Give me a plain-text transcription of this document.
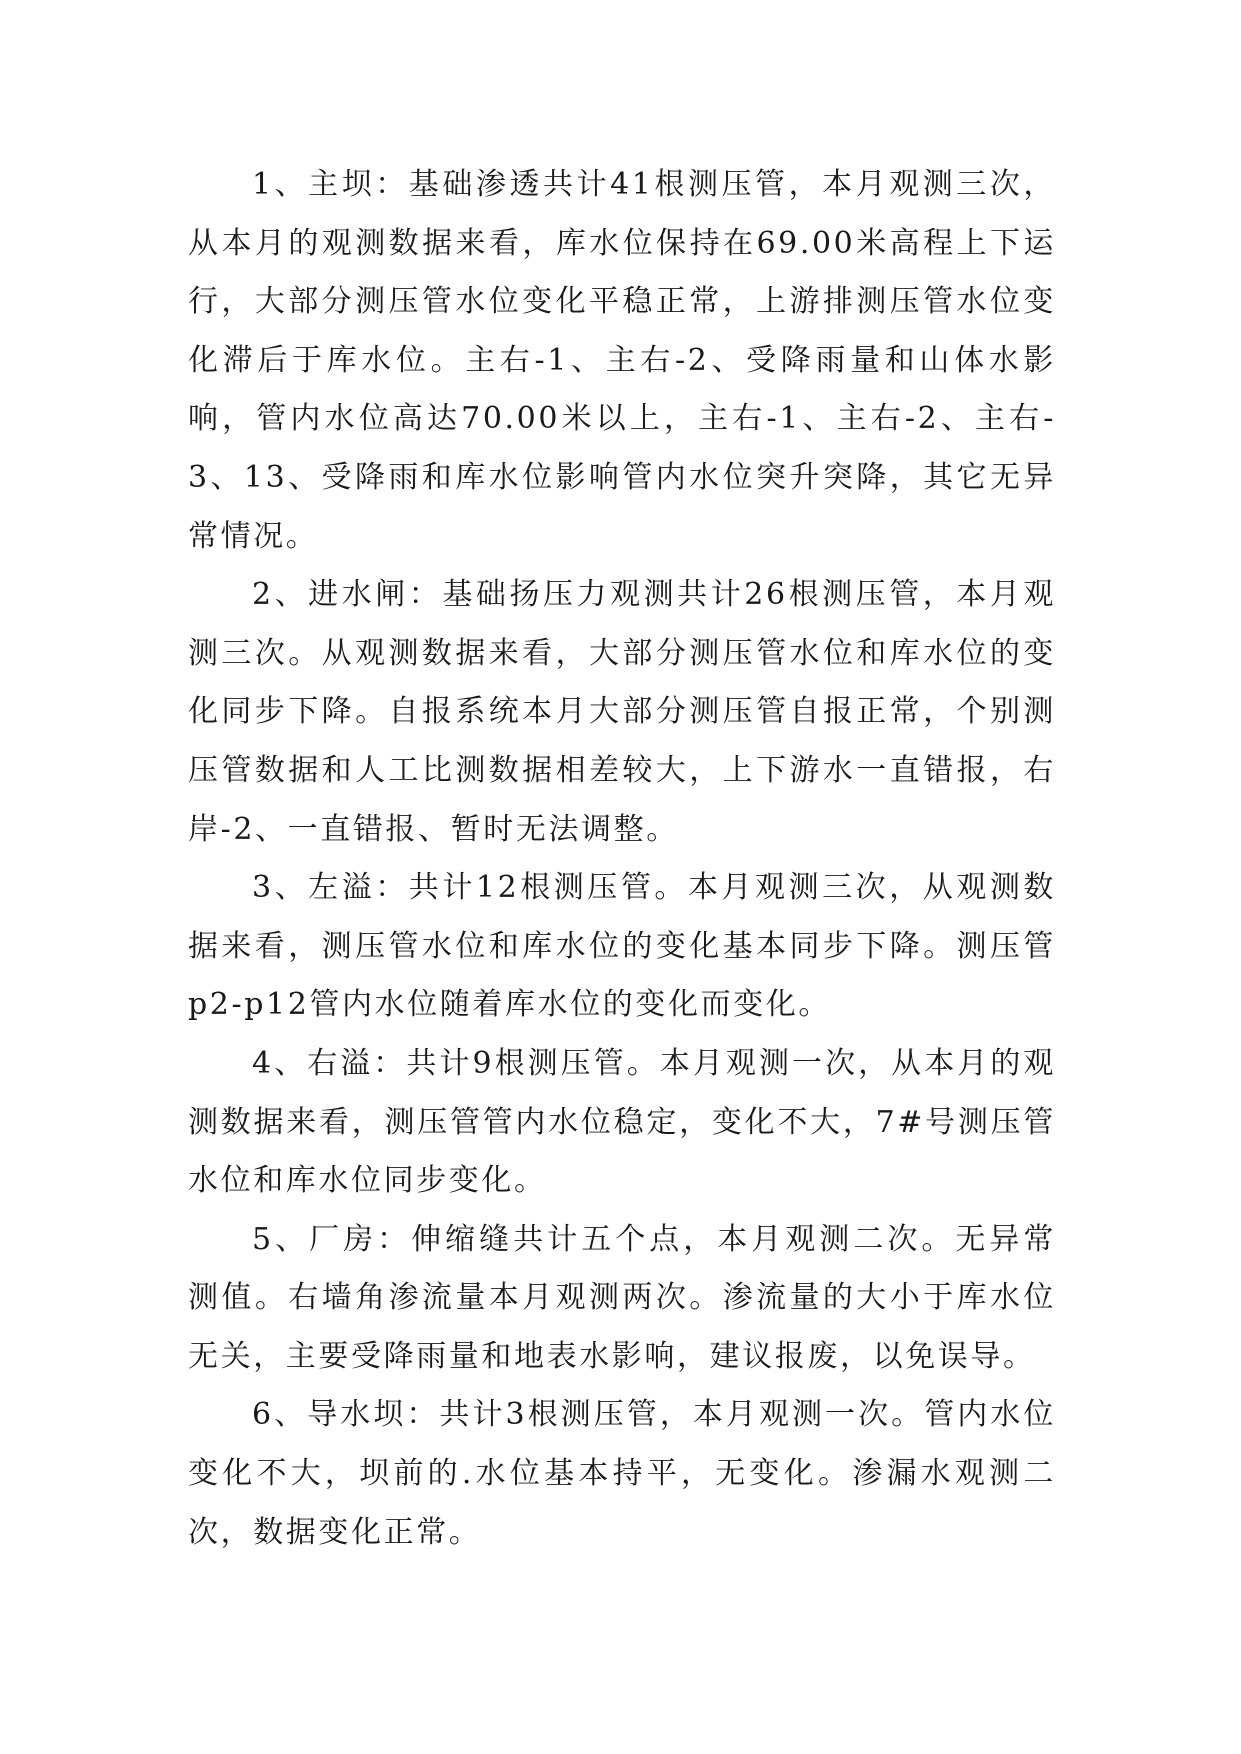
1、主坝：基础渗透共计41根测压管，本月观测三次，从本月的观测数据来看，库水位保持在69.00米高程上下运行，大部分测压管水位变化平稳正常，上游排测压管水位变化滞后于库水位。主右-1、主右-2、受降雨量和山体水影响，管内水位高达70.00米以上，主右-1、主右-2、主右-3、13、受降雨和库水位影响管内水位突升突降，其它无异常情况。

2、进水闸：基础扬压力观测共计26根测压管，本月观测三次。从观测数据来看，大部分测压管水位和库水位的变化同步下降。自报系统本月大部分测压管自报正常，个别测压管数据和人工比测数据相差较大，上下游水一直错报，右岸-2、一直错报、暂时无法调整。

3、左溢：共计12根测压管。本月观测三次，从观测数据来看，测压管水位和库水位的变化基本同步下降。测压管p2-p12管内水位随着库水位的变化而变化。

4、右溢：共计9根测压管。本月观测一次，从本月的观测数据来看，测压管管内水位稳定，变化不大，7#号测压管水位和库水位同步变化。

5、厂房：伸缩缝共计五个点，本月观测二次。无异常测值。右墙角渗流量本月观测两次。渗流量的大小于库水位无关，主要受降雨量和地表水影响，建议报废，以免误导。

6、导水坝：共计3根测压管，本月观测一次。管内水位变化不大，坝前的.水位基本持平，无变化。渗漏水观测二次，数据变化正常。
